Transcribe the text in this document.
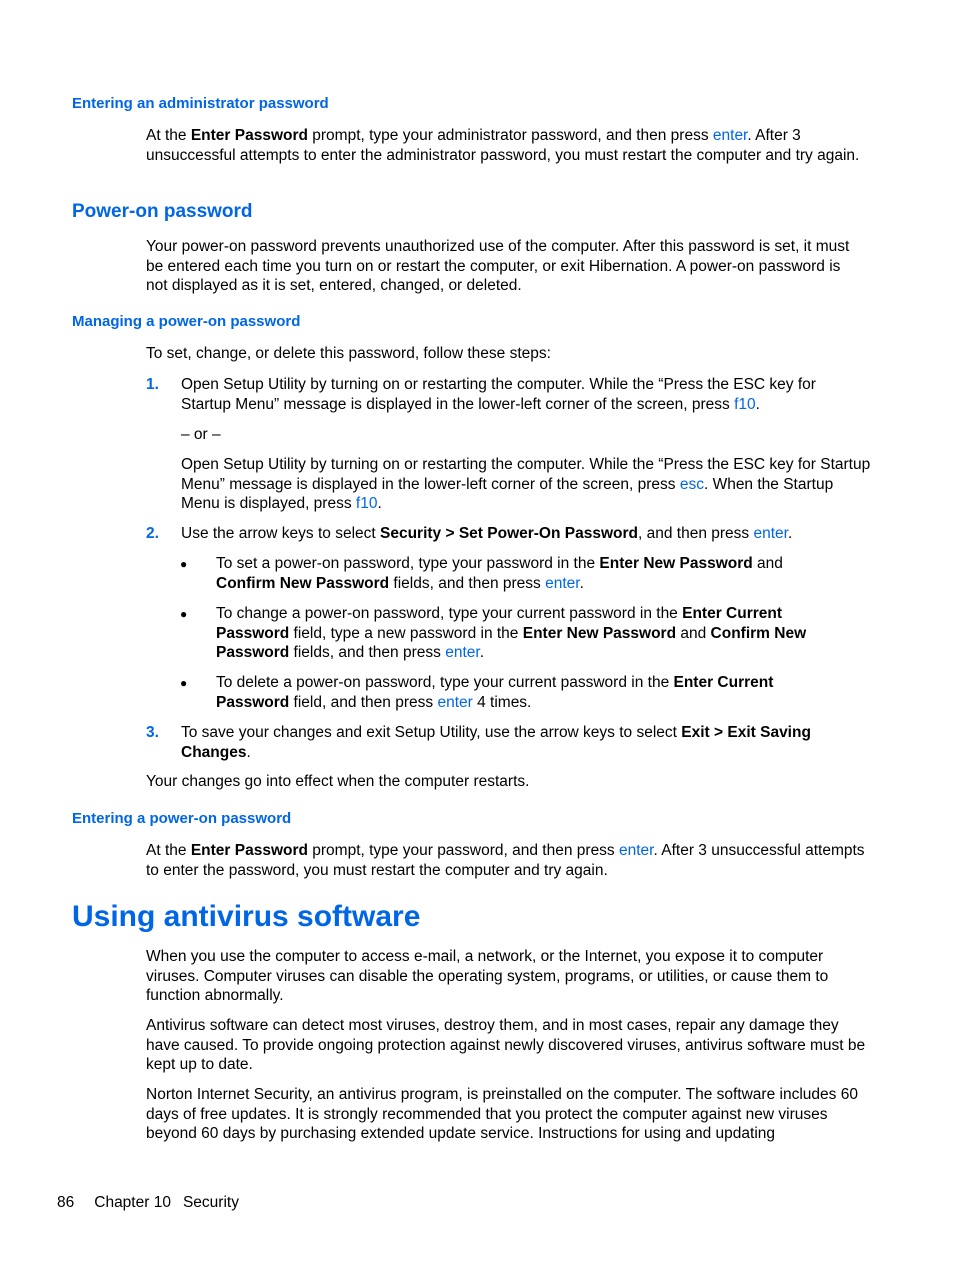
Entering an administrator password
At the Enter Password prompt, type your administrator password, and then press enter. After 3 unsuccessful attempts to enter the administrator password, you must restart the computer and try again.
Power-on password
Your power-on password prevents unauthorized use of the computer. After this password is set, it must be entered each time you turn on or restart the computer, or exit Hibernation. A power-on password is not displayed as it is set, entered, changed, or deleted.
Managing a power-on password
To set, change, or delete this password, follow these steps:
1. Open Setup Utility by turning on or restarting the computer. While the “Press the ESC key for Startup Menu” message is displayed in the lower-left corner of the screen, press f10.
– or –
Open Setup Utility by turning on or restarting the computer. While the “Press the ESC key for Startup Menu” message is displayed in the lower-left corner of the screen, press esc. When the Startup Menu is displayed, press f10.
2. Use the arrow keys to select Security > Set Power-On Password, and then press enter.
● To set a power-on password, type your password in the Enter New Password and Confirm New Password fields, and then press enter.
● To change a power-on password, type your current password in the Enter Current Password field, type a new password in the Enter New Password and Confirm New Password fields, and then press enter.
● To delete a power-on password, type your current password in the Enter Current Password field, and then press enter 4 times.
3. To save your changes and exit Setup Utility, use the arrow keys to select Exit > Exit Saving Changes.
Your changes go into effect when the computer restarts.
Entering a power-on password
At the Enter Password prompt, type your password, and then press enter. After 3 unsuccessful attempts to enter the password, you must restart the computer and try again.
Using antivirus software
When you use the computer to access e-mail, a network, or the Internet, you expose it to computer viruses. Computer viruses can disable the operating system, programs, or utilities, or cause them to function abnormally.
Antivirus software can detect most viruses, destroy them, and in most cases, repair any damage they have caused. To provide ongoing protection against newly discovered viruses, antivirus software must be kept up to date.
Norton Internet Security, an antivirus program, is preinstalled on the computer. The software includes 60 days of free updates. It is strongly recommended that you protect the computer against new viruses beyond 60 days by purchasing extended update service. Instructions for using and updating
86 Chapter 10 Security
